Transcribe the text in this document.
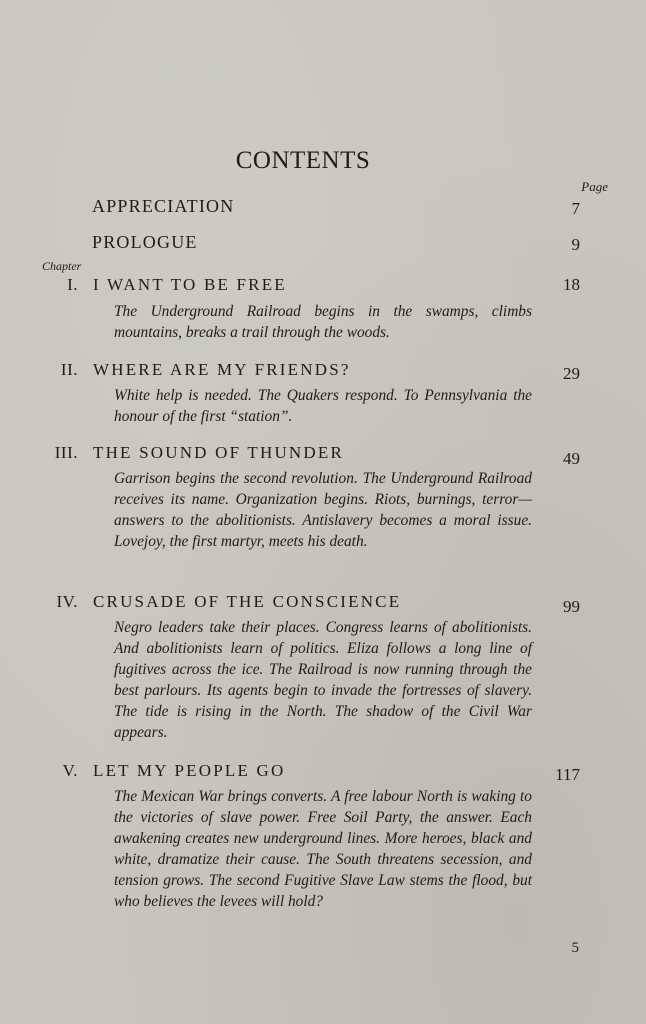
CONTENTS
Page
APPRECIATION	7
PROLOGUE	9
Chapter
I. I WANT TO BE FREE	18
The Underground Railroad begins in the swamps, climbs mountains, breaks a trail through the woods.
II. WHERE ARE MY FRIENDS?	29
White help is needed. The Quakers respond. To Pennsylvania the honour of the first “station”.
III. THE SOUND OF THUNDER	49
Garrison begins the second revolution. The Underground Railroad receives its name. Organization begins. Riots, burnings, terror—answers to the abolitionists. Antislavery becomes a moral issue. Lovejoy, the first martyr, meets his death.
IV. CRUSADE OF THE CONSCIENCE	99
Negro leaders take their places. Congress learns of abolitionists. And abolitionists learn of politics. Eliza follows a long line of fugitives across the ice. The Railroad is now running through the best parlours. Its agents begin to invade the fortresses of slavery. The tide is rising in the North. The shadow of the Civil War appears.
V. LET MY PEOPLE GO	117
The Mexican War brings converts. A free labour North is waking to the victories of slave power. Free Soil Party, the answer. Each awakening creates new underground lines. More heroes, black and white, dramatize their cause. The South threatens secession, and tension grows. The second Fugitive Slave Law stems the flood, but who believes the levees will hold?
5
